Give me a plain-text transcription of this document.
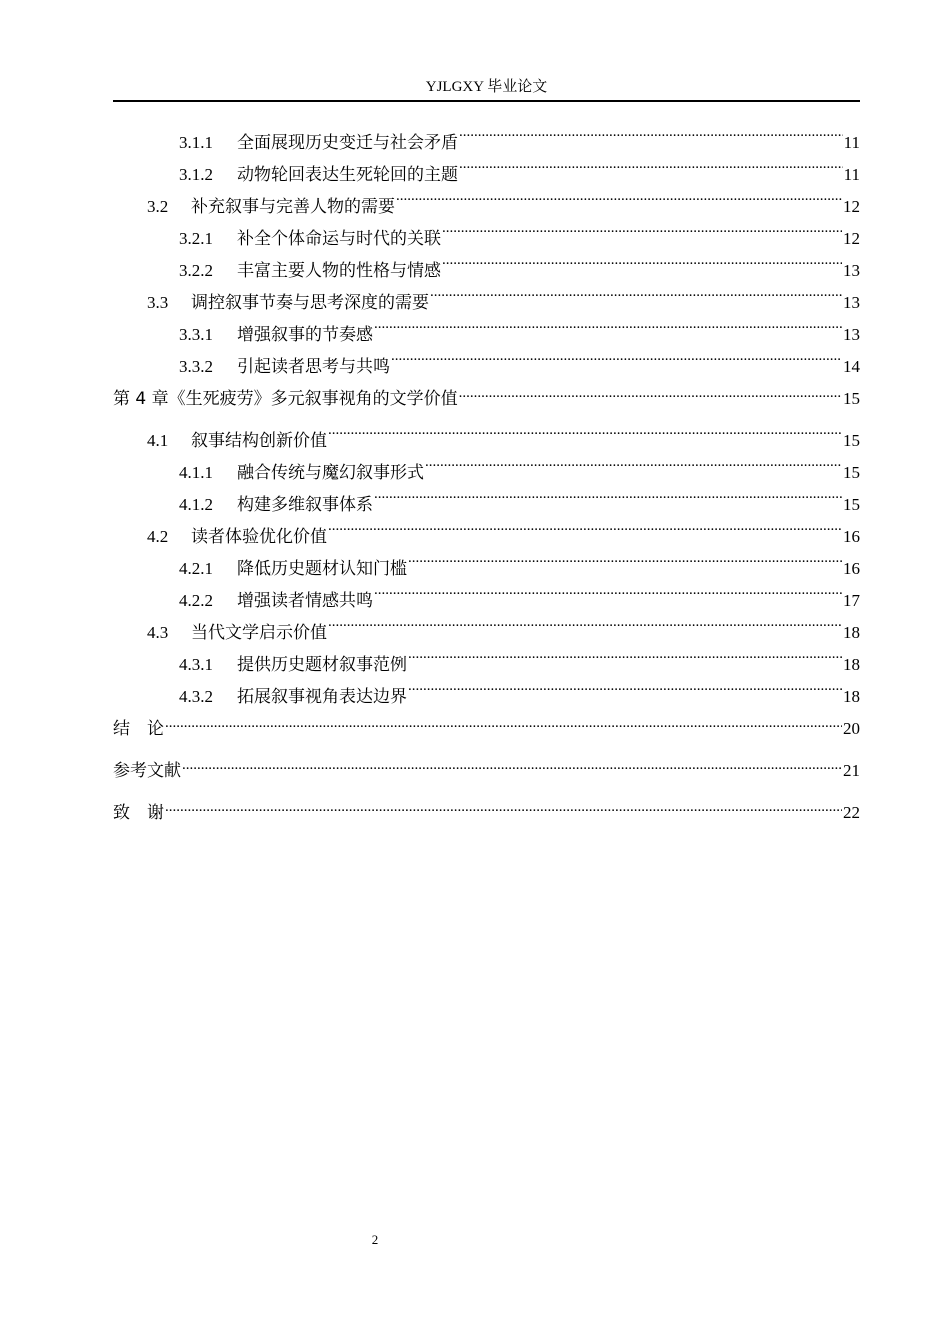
YJLGXY 毕业论文
3.1.1	全面展现历史变迁与社会矛盾 .....	11
3.1.2	动物轮回表达生死轮回的主题 .....	11
3.2	补充叙事与完善人物的需要 .....	12
3.2.1	补全个体命运与时代的关联 .....	12
3.2.2	丰富主要人物的性格与情感 .....	13
3.3	调控叙事节奏与思考深度的需要 .....	13
3.3.1	增强叙事的节奏感 .....	13
3.3.2	引起读者思考与共鸣 .....	14
第 4 章《生死疲劳》多元叙事视角的文学价值 .....	15
4.1	叙事结构创新价值 .....	15
4.1.1	融合传统与魔幻叙事形式 .....	15
4.1.2	构建多维叙事体系 .....	15
4.2	读者体验优化价值 .....	16
4.2.1	降低历史题材认知门槛 .....	16
4.2.2	增强读者情感共鸣 .....	17
4.3	当代文学启示价值 .....	18
4.3.1	提供历史题材叙事范例 .....	18
4.3.2	拓展叙事视角表达边界 .....	18
结　论 .....	20
参考文献 .....	21
致　谢 .....	22
2
